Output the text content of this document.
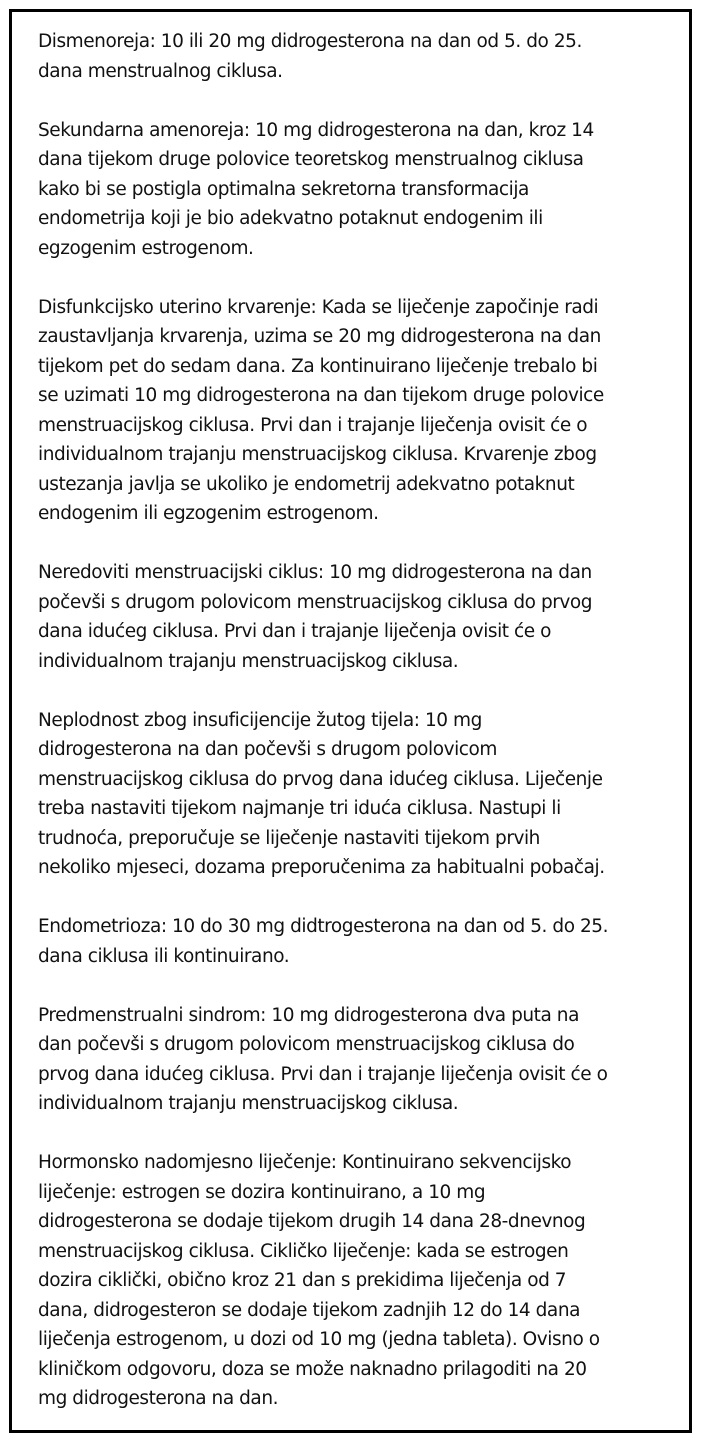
Dismenoreja: 10 ili 20 mg didrogesterona na dan od 5. do 25.
dana menstrualnog ciklusa.

Sekundarna amenoreja: 10 mg didrogesterona na dan, kroz 14
dana tijekom druge polovice teoretskog menstrualnog ciklusa
kako bi se postigla optimalna sekretorna transformacija
endometrija koji je bio adekvatno potaknut endogenim ili
egzogenim estrogenom.

Disfunkcijsko uterino krvarenje: Kada se liječenje započinje radi
zaustavljanja krvarenja, uzima se 20 mg didrogesterona na dan
tijekom pet do sedam dana. Za kontinuirano liječenje trebalo bi
se uzimati 10 mg didrogesterona na dan tijekom druge polovice
menstruacijskog ciklusa. Prvi dan i trajanje liječenja ovisit će o
individualnom trajanju menstruacijskog ciklusa. Krvarenje zbog
ustezanja javlja se ukoliko je endometrij adekvatno potaknut
endogenim ili egzogenim estrogenom.

Neredoviti menstruacijski ciklus: 10 mg didrogesterona na dan
počevši s drugom polovicom menstruacijskog ciklusa do prvog
dana idućeg ciklusa. Prvi dan i trajanje liječenja ovisit će o
individualnom trajanju menstruacijskog ciklusa.

Neplodnost zbog insuficijencije žutog tijela: 10 mg
didrogesterona na dan počevši s drugom polovicom
menstruacijskog ciklusa do prvog dana idućeg ciklusa. Liječenje
treba nastaviti tijekom najmanje tri iduća ciklusa. Nastupi li
trudnoća, preporučuje se liječenje nastaviti tijekom prvih
nekoliko mjeseci, dozama preporučenima za habitualni pobačaj.

Endometrioza: 10 do 30 mg didtrogesterona na dan od 5. do 25.
dana ciklusa ili kontinuirano.

Predmenstrualni sindrom: 10 mg didrogesterona dva puta na
dan počevši s drugom polovicom menstruacijskog ciklusa do
prvog dana idućeg ciklusa. Prvi dan i trajanje liječenja ovisit će o
individualnom trajanju menstruacijskog ciklusa.

Hormonsko nadomjesno liječenje: Kontinuirano sekvencijsko
liječenje: estrogen se dozira kontinuirano, a 10 mg
didrogesterona se dodaje tijekom drugih 14 dana 28-dnevnog
menstruacijskog ciklusa. Cikličko liječenje: kada se estrogen
dozira ciklički, obično kroz 21 dan s prekidima liječenja od 7
dana, didrogesteron se dodaje tijekom zadnjih 12 do 14 dana
liječenja estrogenom, u dozi od 10 mg (jedna tableta). Ovisno o
kliničkom odgovoru, doza se može naknadno prilagoditi na 20
mg didrogesterona na dan.
